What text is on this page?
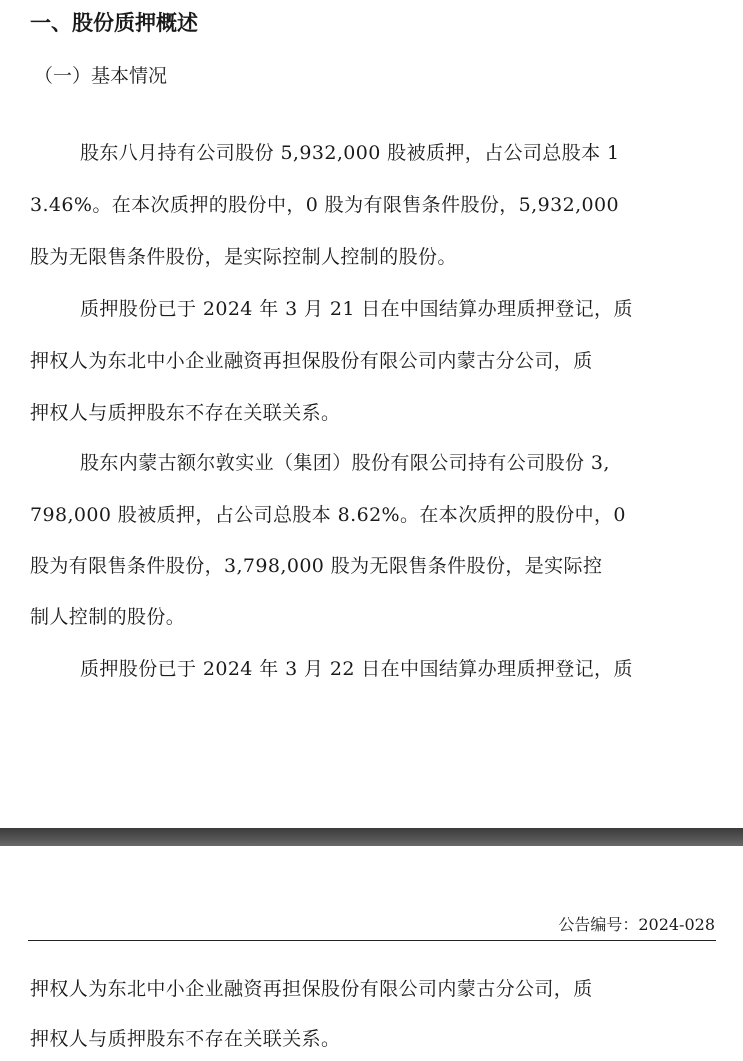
一、股份质押概述
（一）基本情况
股东八月持有公司股份 5,932,000 股被质押，占公司总股本 1
3.46%。在本次质押的股份中，0 股为有限售条件股份，5,932,000
股为无限售条件股份，是实际控制人控制的股份。
质押股份已于 2024 年 3 月 21 日在中国结算办理质押登记，质
押权人为东北中小企业融资再担保股份有限公司内蒙古分公司，质
押权人与质押股东不存在关联关系。
股东内蒙古额尔敦实业（集团）股份有限公司持有公司股份 3,
798,000 股被质押，占公司总股本 8.62%。在本次质押的股份中，0
股为有限售条件股份，3,798,000 股为无限售条件股份，是实际控
制人控制的股份。
质押股份已于 2024 年 3 月 22 日在中国结算办理质押登记，质
公告编号：2024-028
押权人为东北中小企业融资再担保股份有限公司内蒙古分公司，质
押权人与质押股东不存在关联关系。
